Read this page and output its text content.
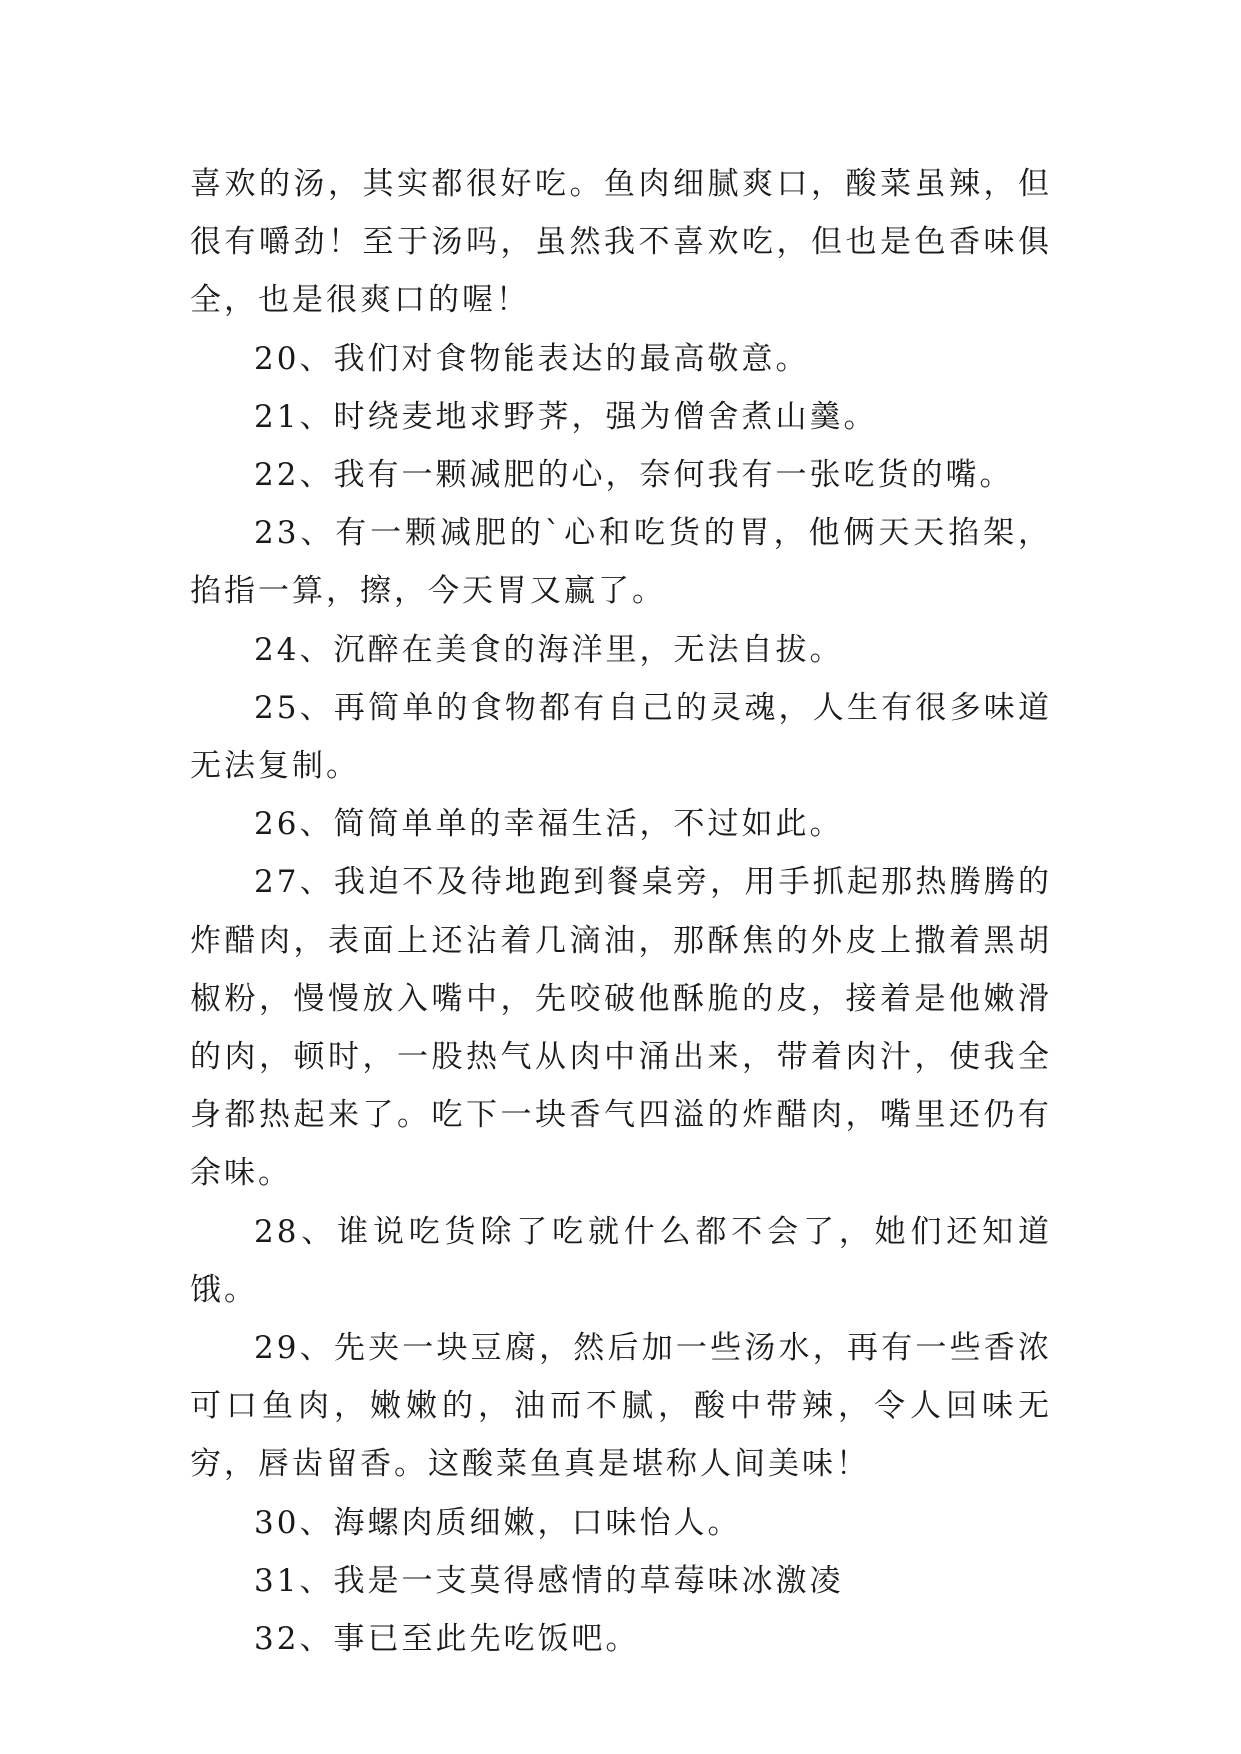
喜欢的汤，其实都很好吃。鱼肉细腻爽口，酸菜虽辣，但很有嚼劲！至于汤吗，虽然我不喜欢吃，但也是色香味俱全，也是很爽口的喔！

20、我们对食物能表达的最高敬意。

21、时绕麦地求野荠，强为僧舍煮山羹。

22、我有一颗减肥的心，奈何我有一张吃货的嘴。

23、有一颗减肥的`心和吃货的胃，他俩天天掐架，掐指一算，擦，今天胃又赢了。

24、沉醉在美食的海洋里，无法自拔。

25、再简单的食物都有自己的灵魂，人生有很多味道无法复制。

26、简简单单的幸福生活，不过如此。

27、我迫不及待地跑到餐桌旁，用手抓起那热腾腾的炸醋肉，表面上还沾着几滴油，那酥焦的外皮上撒着黑胡椒粉，慢慢放入嘴中，先咬破他酥脆的皮，接着是他嫩滑的肉，顿时，一股热气从肉中涌出来，带着肉汁，使我全身都热起来了。吃下一块香气四溢的炸醋肉，嘴里还仍有余味。

28、谁说吃货除了吃就什么都不会了，她们还知道饿。

29、先夹一块豆腐，然后加一些汤水，再有一些香浓可口鱼肉，嫩嫩的，油而不腻，酸中带辣，令人回味无穷，唇齿留香。这酸菜鱼真是堪称人间美味！

30、海螺肉质细嫩，口味怡人。

31、我是一支莫得感情的草莓味冰激凌

32、事已至此先吃饭吧。
